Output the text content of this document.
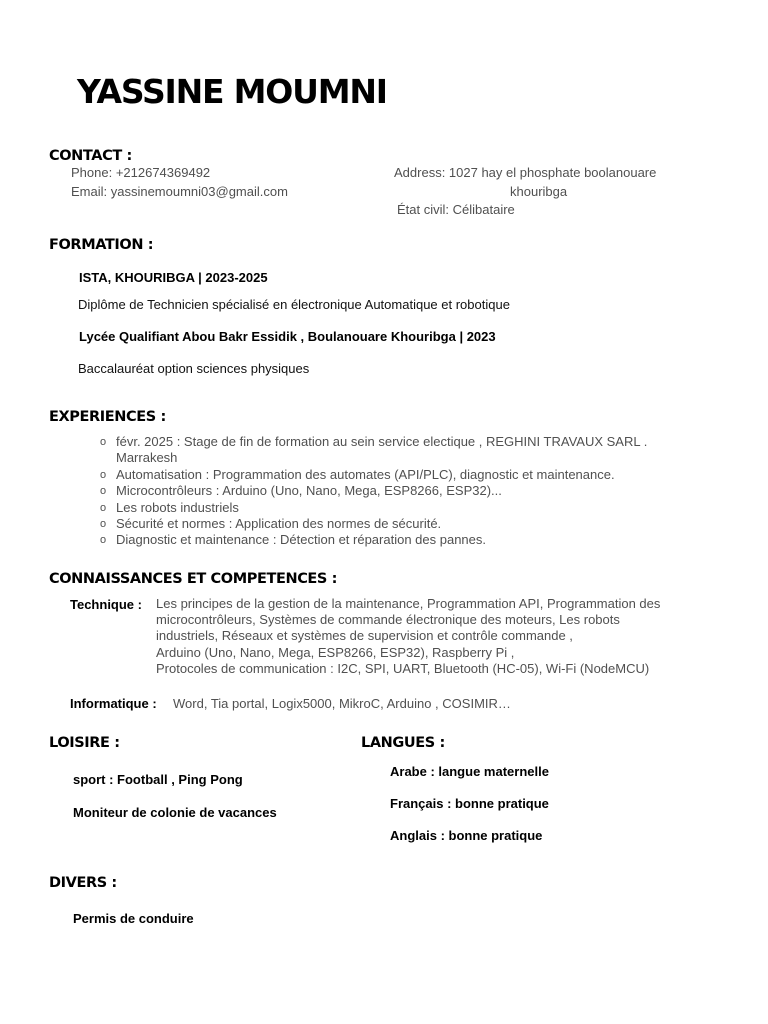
YASSINE MOUMNI
CONTACT :
Phone: +212674369492
Email: yassinemoumni03@gmail.com
Address: 1027 hay el phosphate boolanouare
khouribga
État civil: Célibataire
FORMATION :
ISTA, KHOURIBGA | 2023-2025
Diplôme de Technicien spécialisé en électronique Automatique et robotique
Lycée Qualifiant Abou Bakr Essidik , Boulanouare Khouribga | 2023
Baccalauréat option sciences physiques
EXPERIENCES :
o févr. 2025 : Stage de fin de formation au sein service electique , REGHINI TRAVAUX SARL .
Marrakesh
o Automatisation : Programmation des automates (API/PLC), diagnostic et maintenance.
o Microcontrôleurs : Arduino (Uno, Nano, Mega, ESP8266, ESP32)...
o Les robots industriels
o Sécurité et normes : Application des normes de sécurité.
o Diagnostic et maintenance : Détection et réparation des pannes.
CONNAISSANCES ET COMPETENCES :
Technique : Les principes de la gestion de la maintenance, Programmation API, Programmation des
microcontrôleurs, Systèmes de commande électronique des moteurs, Les robots
industriels, Réseaux et systèmes de supervision et contrôle commande ,
Arduino (Uno, Nano, Mega, ESP8266, ESP32), Raspberry Pi ,
Protocoles de communication : I2C, SPI, UART, Bluetooth (HC-05), Wi-Fi (NodeMCU)
Informatique : Word, Tia portal, Logix5000, MikroC, Arduino , COSIMIR…
LOISIRE :
sport : Football , Ping Pong
Moniteur de colonie de vacances
LANGUES :
Arabe : langue maternelle
Français : bonne pratique
Anglais : bonne pratique
DIVERS :
Permis de conduire
